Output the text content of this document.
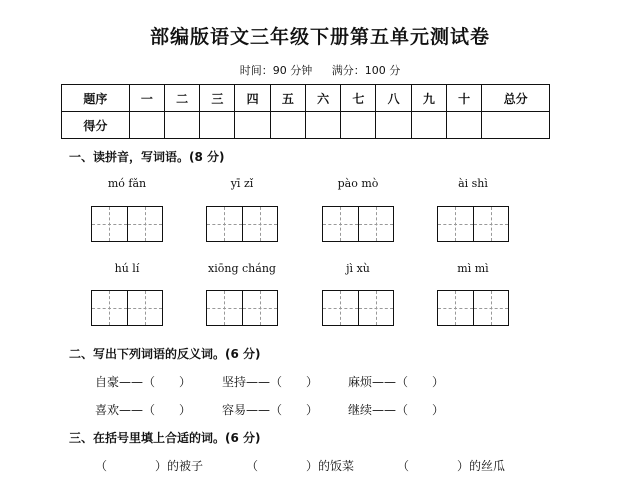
部编版语文三年级下册第五单元测试卷
时间：90 分钟 满分：100 分
题序	一	二	三	四	五	六	七	八	九	十	总分
得分											
一、读拼音，写词语。(8 分)
mó fǎn	yī zǐ	pào mò	ài shì
hú lí	xiōng cháng	jì xù	mì mì
二、写出下列词语的反义词。(6 分)
自豪——（　　）	坚持——（　　） 麻烦——（　　）
喜欢——（　　）	容易——（　　） 继续——（　　）
三、在括号里填上合适的词。(6 分)
（　　　　）的被子	（　　　　）的饭菜	（　　　　）的丝瓜
